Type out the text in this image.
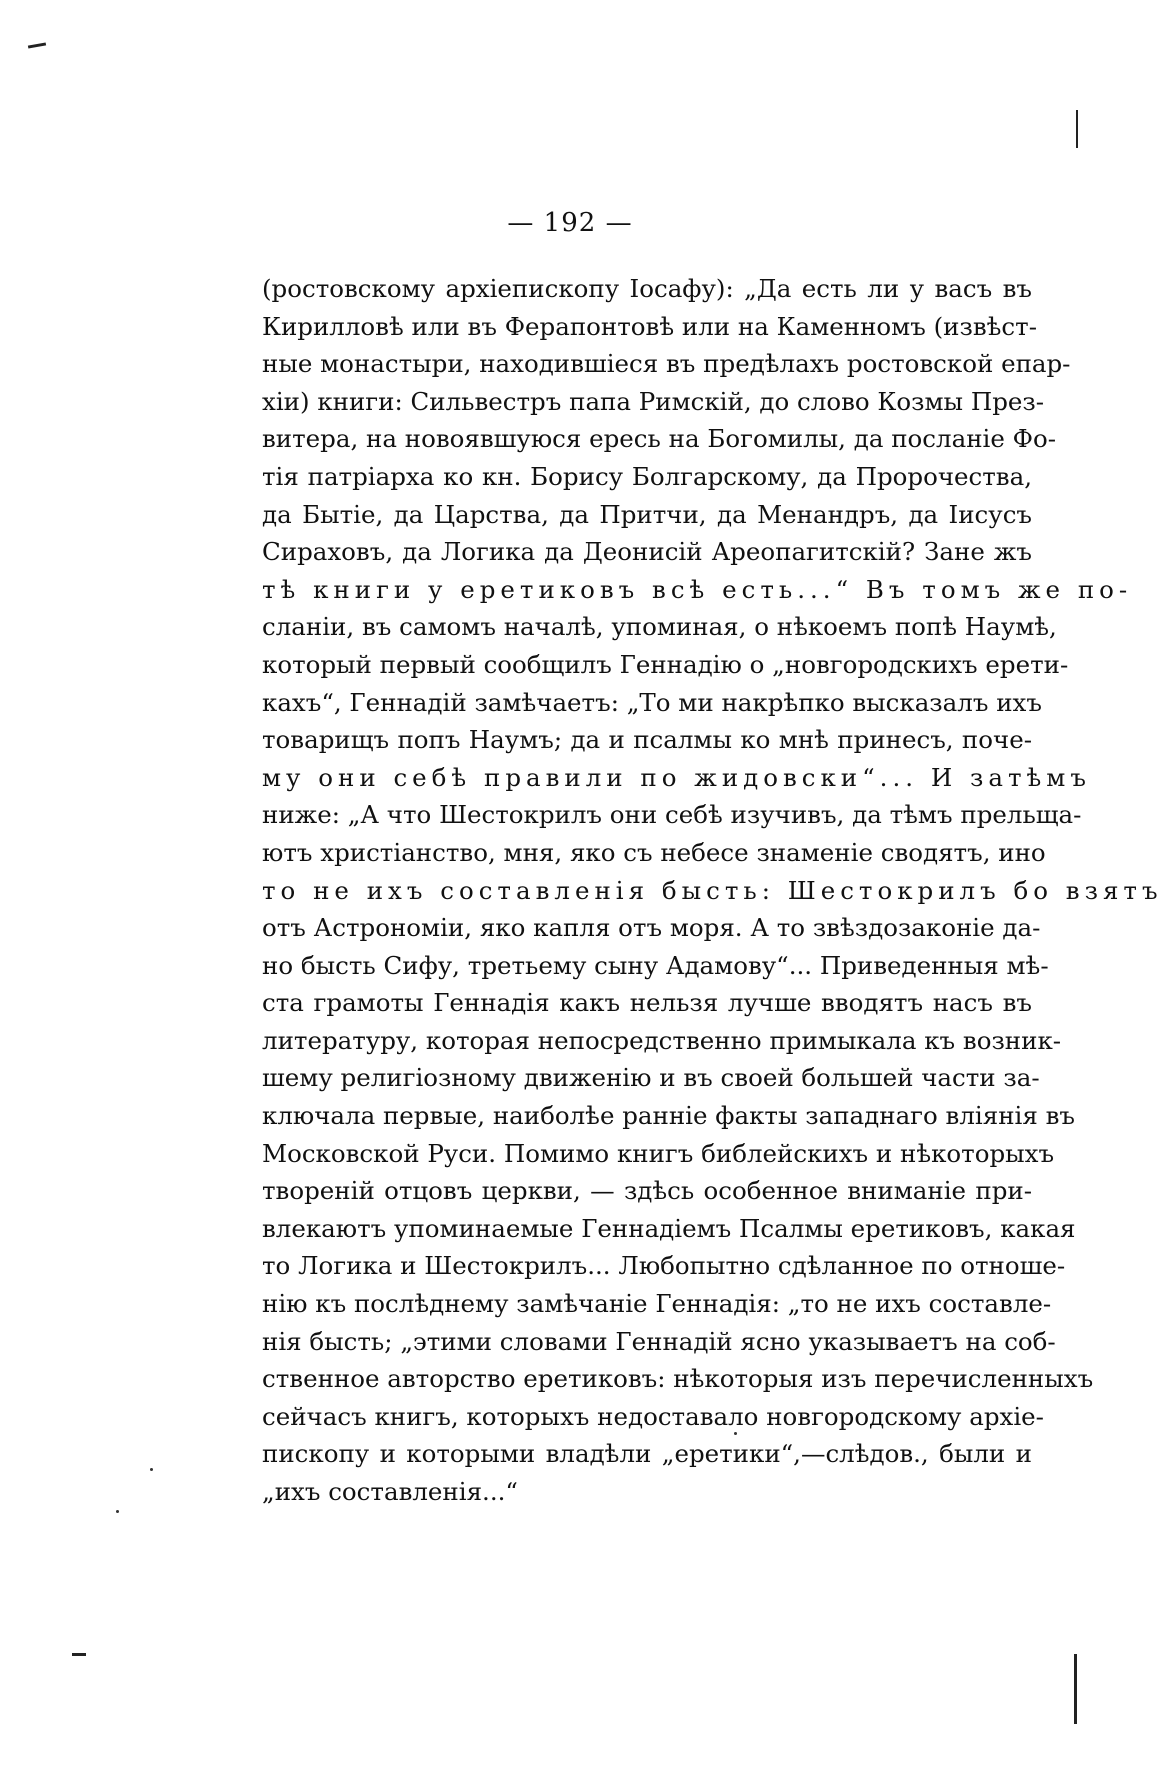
— 192 —
(ростовскому архіепископу Іосафу): „Да есть ли у васъ въ
Кирилловѣ или въ Ферапонтовѣ или на Каменномъ (извѣст-
ные монастыри, находившіеся въ предѣлахъ ростовской епар-
хіи) книги: Сильвестръ папа Римскій, до слово Козмы През-
витера, на новоявшуюся ересь на Богомилы, да посланіе Фо-
тія патріарха ко кн. Борису Болгарскому, да Пророчества,
да Бытіе, да Царства, да Притчи, да Менандръ, да Іисусъ
Сираховъ, да Логика да Деонисій Ареопагитскій? Зане жъ
тѣ книги у еретиковъ всѣ есть...“ Въ томъ же по-
сланіи, въ самомъ началѣ, упоминая, о нѣкоемъ попѣ Наумѣ,
который первый сообщилъ Геннадію о „новгородскихъ ерети-
кахъ“, Геннадій замѣчаетъ: „То ми накрѣпко высказалъ ихъ
товарищъ попъ Наумъ; да и псалмы ко мнѣ принесъ, поче-
му они себѣ правили по жидовски“... И затѣмъ
ниже: „А что Шестокрилъ они себѣ изучивъ, да тѣмъ прельща-
ютъ христіанство, мня, яко съ небесе знаменіе сводятъ, ино
то не ихъ составленія бысть: Шестокрилъ бо взятъ
отъ Астрономіи, яко капля отъ моря. А то звѣздозаконіе да-
но бысть Сифу, третьему сыну Адамову“... Приведенныя мѣ-
ста грамоты Геннадія какъ нельзя лучше вводятъ насъ въ
литературу, которая непосредственно примыкала къ возник-
шему религіозному движенію и въ своей большей части за-
ключала первые, наиболѣе ранніе факты западнаго вліянія въ
Московской Руси. Помимо книгъ библейскихъ и нѣкоторыхъ
твореній отцовъ церкви, — здѣсь особенное вниманіе при-
влекаютъ упоминаемые Геннадіемъ Псалмы еретиковъ, какая
то Логика и Шестокрилъ... Любопытно сдѣланное по отноше-
нію къ послѣднему замѣчаніе Геннадія: „то не ихъ составле-
нія бысть; „этими словами Геннадій ясно указываетъ на соб-
ственное авторство еретиковъ: нѣкоторыя изъ перечисленныхъ
сейчасъ книгъ, которыхъ недоставало новгородскому архіе-
пископу и которыми владѣли „еретики“,—слѣдов., были и
„ихъ составленія...“
